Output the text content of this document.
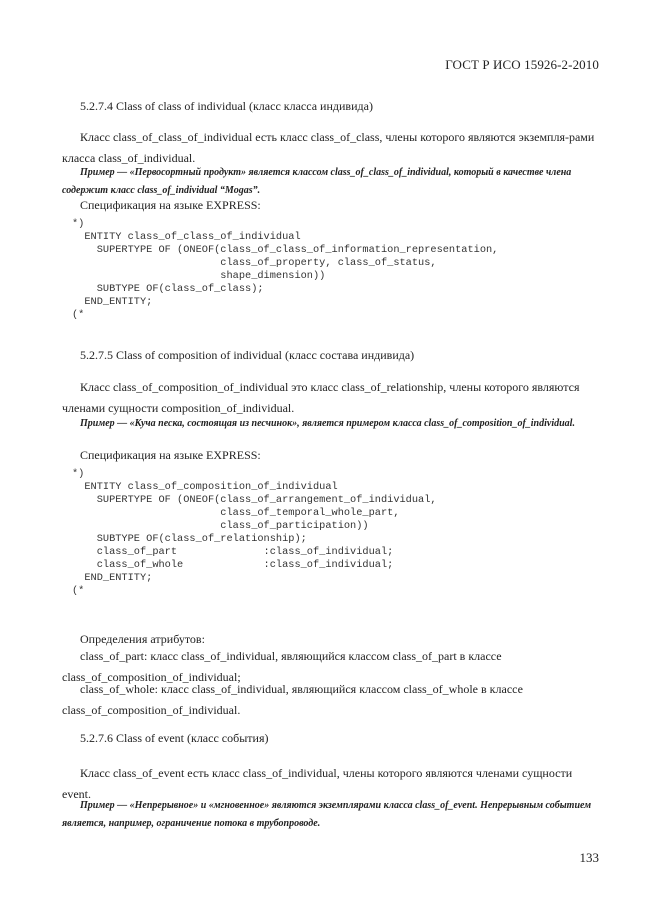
ГОСТ Р ИСО 15926-2-2010
5.2.7.4 Class of class of individual (класс класса индивида)
Класс class_of_class_of_individual есть класс class_of_class, члены которого являются экземпля-рами класса class_of_individual.
Пример — «Первосортный продукт» является классом class_of_class_of_individual, который в качестве члена содержит класс class_of_individual “Mogas”.
Спецификация на языке EXPRESS:
*)
ENTITY class_of_class_of_individual
SUPERTYPE OF (ONEOF(class_of_class_of_information_representation,
class_of_property, class_of_status,
shape_dimension))
SUBTYPE OF(class_of_class);
END_ENTITY;
(*
5.2.7.5 Class of composition of individual (класс состава индивида)
Класс class_of_composition_of_individual это класс class_of_relationship, члены которого являются членами сущности composition_of_individual.
Пример — «Куча песка, состоящая из песчинок», является примером класса class_of_composition_of_individual.
Спецификация на языке EXPRESS:
*)
ENTITY class_of_composition_of_individual
SUPERTYPE OF (ONEOF(class_of_arrangement_of_individual,
class_of_temporal_whole_part,
class_of_participation))
SUBTYPE OF(class_of_relationship);
class_of_part              :class_of_individual;
class_of_whole             :class_of_individual;
END_ENTITY;
(*
Определения атрибутов:
class_of_part: класс class_of_individual, являющийся классом class_of_part в классе class_of_composition_of_individual;
class_of_whole: класс class_of_individual, являющийся классом class_of_whole в классе class_of_composition_of_individual.
5.2.7.6 Class of event (класс события)
Класс class_of_event есть класс class_of_individual, члены которого являются членами сущности event.
Пример — «Непрерывное» и «мгновенное» являются экземплярами класса class_of_event. Непрерывным событием является, например, ограничение потока в трубопроводе.
133
